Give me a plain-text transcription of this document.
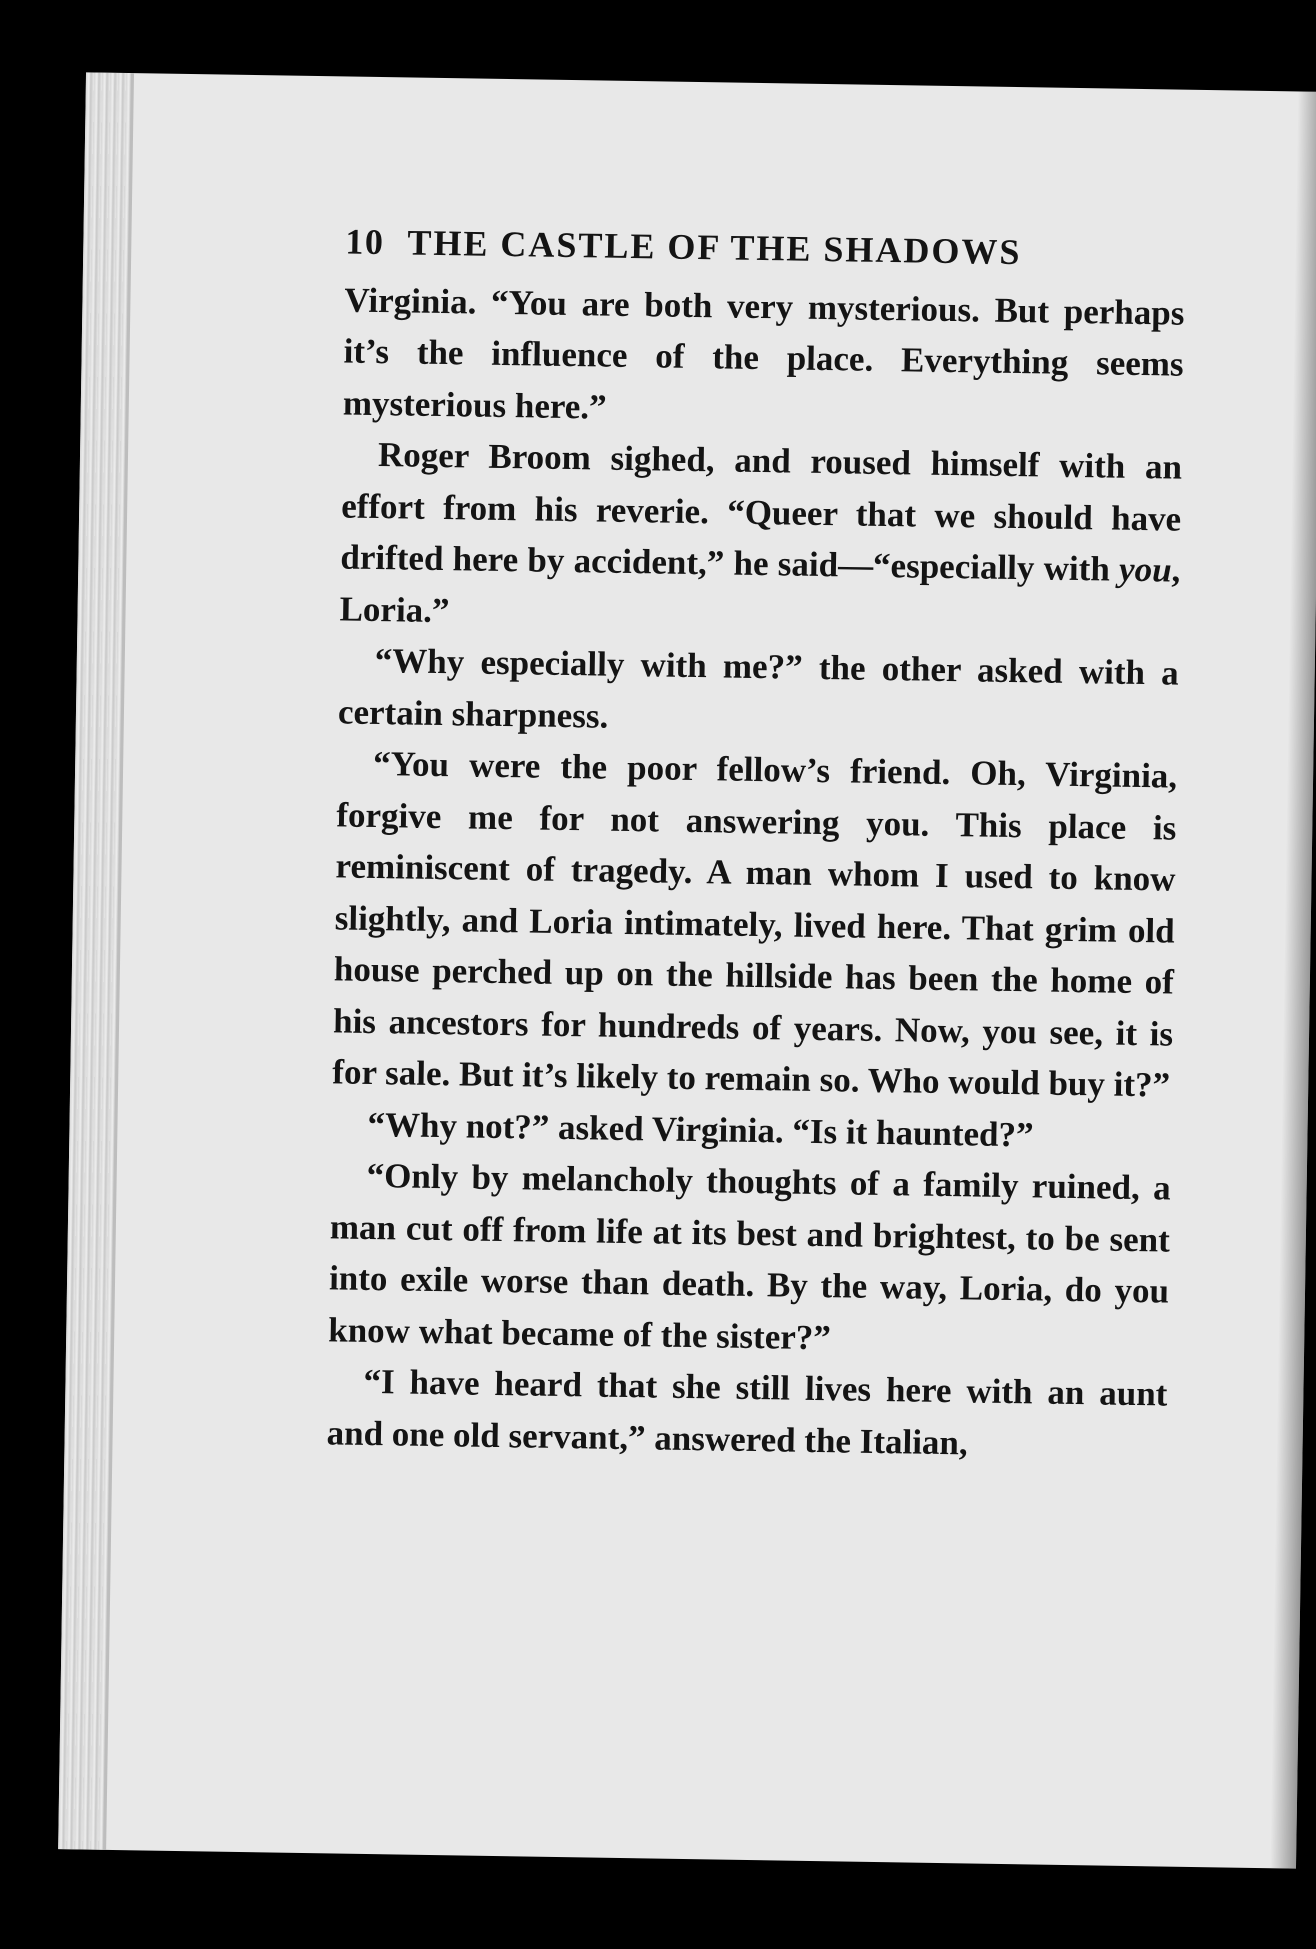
10 THE CASTLE OF THE SHADOWS

Virginia. “You are both very mysterious. But perhaps it’s the influence of the place. Everything seems mysterious here.”

Roger Broom sighed, and roused himself with an effort from his reverie. “Queer that we should have drifted here by accident,” he said—“especially with you, Loria.”

“Why especially with me?” the other asked with a certain sharpness.

“You were the poor fellow’s friend. Oh, Virginia, forgive me for not answering you. This place is reminiscent of tragedy. A man whom I used to know slightly, and Loria intimately, lived here. That grim old house perched up on the hillside has been the home of his ancestors for hundreds of years. Now, you see, it is for sale. But it’s likely to remain so. Who would buy it?”

“Why not?” asked Virginia. “Is it haunted?”

“Only by melancholy thoughts of a family ruined, a man cut off from life at its best and brightest, to be sent into exile worse than death. By the way, Loria, do you know what became of the sister?”

“I have heard that she still lives here with an aunt and one old servant,” answered the Italian,
